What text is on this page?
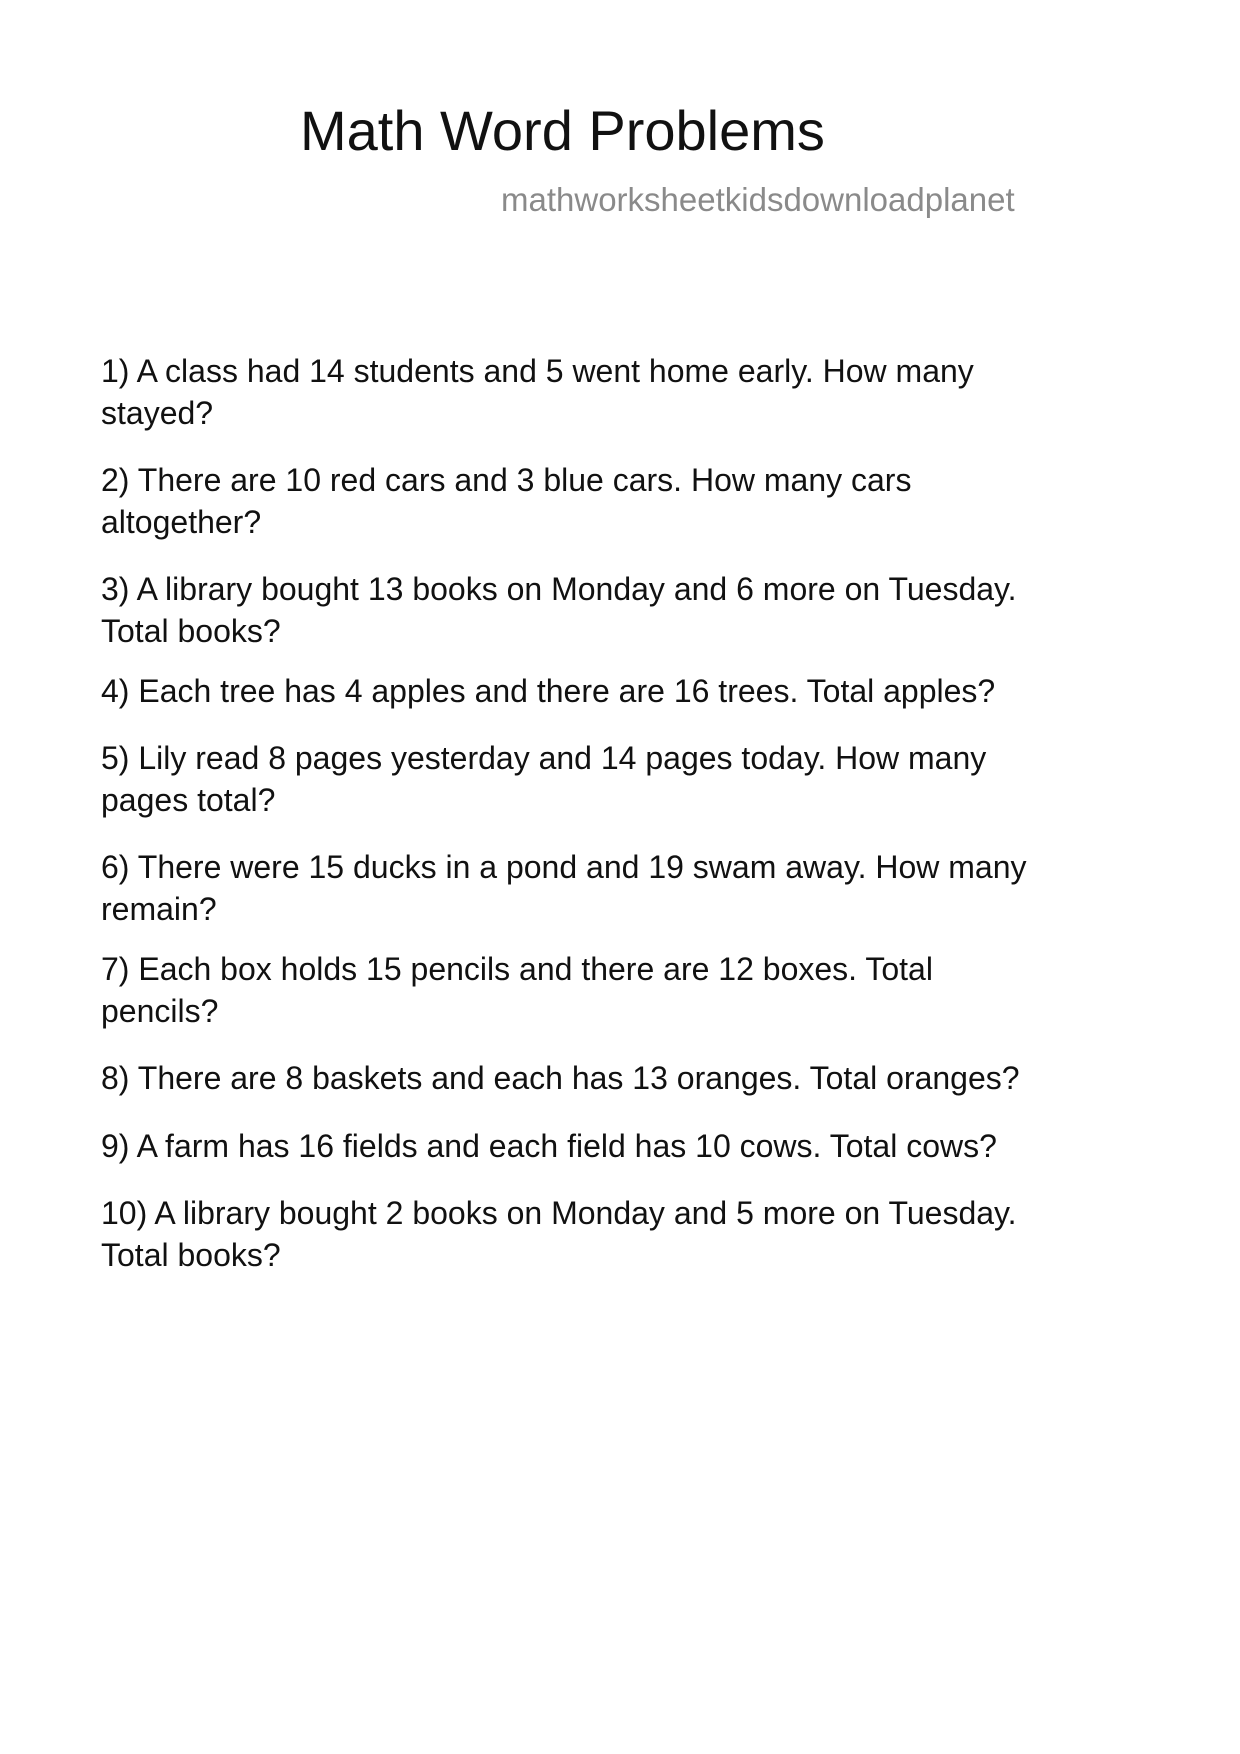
Math Word Problems
mathworksheetkidsdownloadplanet
1) A class had 14 students and 5 went home early. How many
stayed?
2) There are 10 red cars and 3 blue cars. How many cars
altogether?
3) A library bought 13 books on Monday and 6 more on Tuesday.
Total books?
4) Each tree has 4 apples and there are 16 trees. Total apples?
5) Lily read 8 pages yesterday and 14 pages today. How many
pages total?
6) There were 15 ducks in a pond and 19 swam away. How many
remain?
7) Each box holds 15 pencils and there are 12 boxes. Total
pencils?
8) There are 8 baskets and each has 13 oranges. Total oranges?
9) A farm has 16 fields and each field has 10 cows. Total cows?
10) A library bought 2 books on Monday and 5 more on Tuesday.
Total books?
